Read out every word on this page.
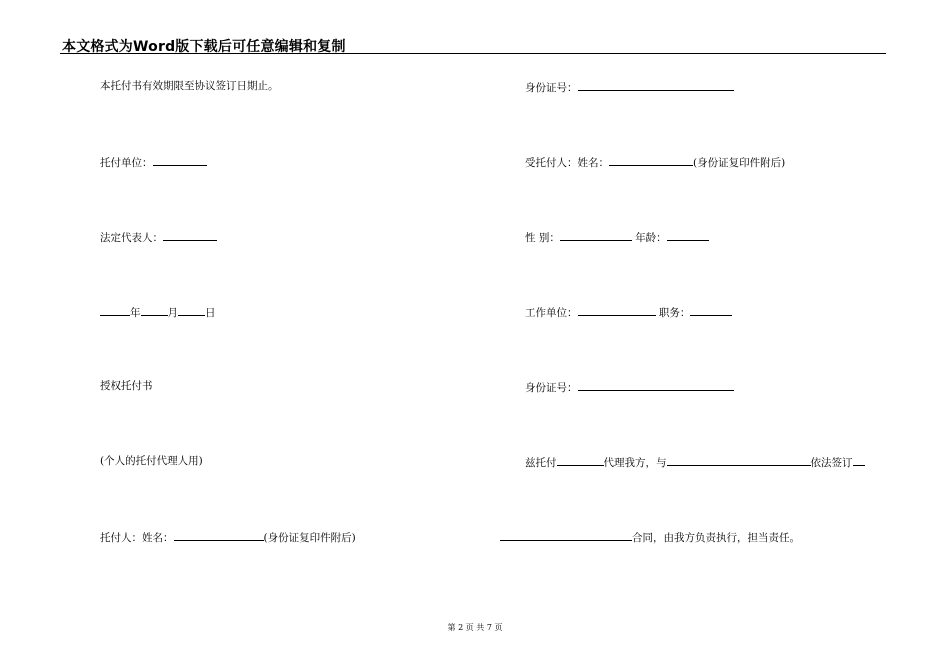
本文格式为Word版下载后可任意编辑和复制
本托付书有效期限至协议签订日期止。
托付单位：
法定代表人：
年	月	日
授权托付书
(个人的托付代理人用)
托付人：姓名：	(身份证复印件附后)
身份证号：
受托付人：姓名：	(身份证复印件附后)
性 别：	年龄：
工作单位：	职务：
身份证号：
兹托付	代理我方，与	依法签订
合同，由我方负责执行，担当责任。
第 2 页 共 7 页
